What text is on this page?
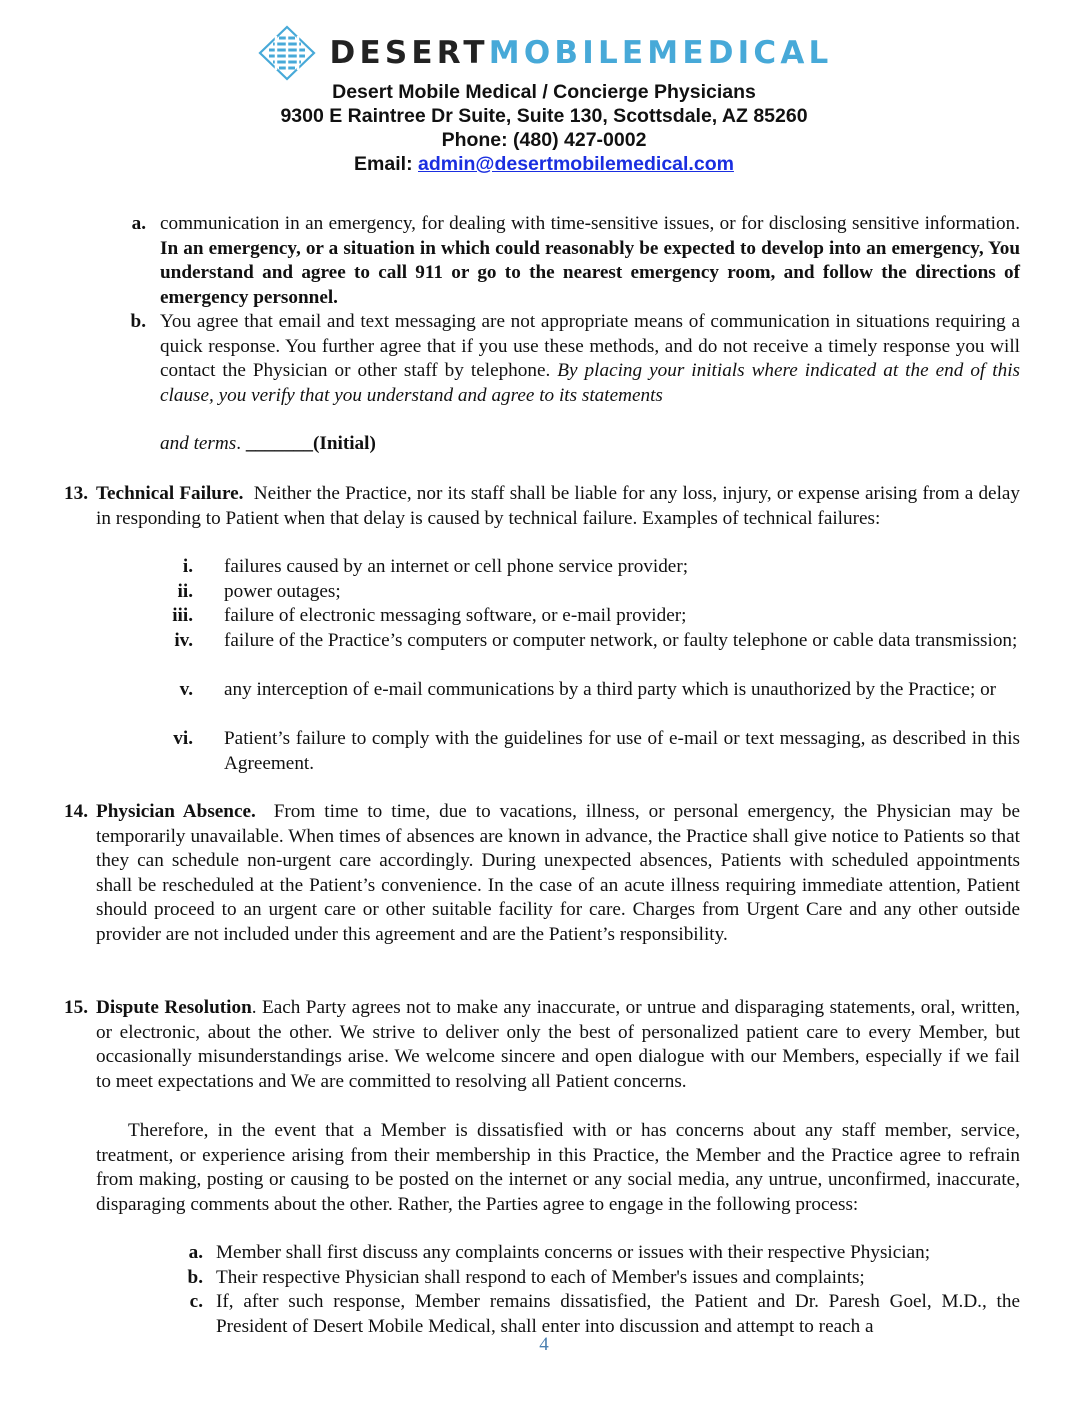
DESERTMOBILEMEDICAL
Desert Mobile Medical / Concierge Physicians
9300 E Raintree Dr Suite, Suite 130, Scottsdale, AZ 85260
Phone: (480) 427-0002
Email: admin@desertmobilemedical.com
a. communication in an emergency, for dealing with time-sensitive issues, or for disclosing sensitive information. In an emergency, or a situation in which could reasonably be expected to develop into an emergency, You understand and agree to call 911 or go to the nearest emergency room, and follow the directions of emergency personnel.
b. You agree that email and text messaging are not appropriate means of communication in situations requiring a quick response. You further agree that if you use these methods, and do not receive a timely response you will contact the Physician or other staff by telephone. By placing your initials where indicated at the end of this clause, you verify that you understand and agree to its statements
and terms. _______(Initial)
13. Technical Failure. Neither the Practice, nor its staff shall be liable for any loss, injury, or expense arising from a delay in responding to Patient when that delay is caused by technical failure. Examples of technical failures:
i. failures caused by an internet or cell phone service provider;
ii. power outages;
iii. failure of electronic messaging software, or e-mail provider;
iv. failure of the Practice’s computers or computer network, or faulty telephone or cable data transmission;
v. any interception of e-mail communications by a third party which is unauthorized by the Practice; or
vi. Patient’s failure to comply with the guidelines for use of e-mail or text messaging, as described in this Agreement.
14. Physician Absence. From time to time, due to vacations, illness, or personal emergency, the Physician may be temporarily unavailable. When times of absences are known in advance, the Practice shall give notice to Patients so that they can schedule non-urgent care accordingly. During unexpected absences, Patients with scheduled appointments shall be rescheduled at the Patient’s convenience. In the case of an acute illness requiring immediate attention, Patient should proceed to an urgent care or other suitable facility for care. Charges from Urgent Care and any other outside provider are not included under this agreement and are the Patient’s responsibility.
15. Dispute Resolution. Each Party agrees not to make any inaccurate, or untrue and disparaging statements, oral, written, or electronic, about the other. We strive to deliver only the best of personalized patient care to every Member, but occasionally misunderstandings arise. We welcome sincere and open dialogue with our Members, especially if we fail to meet expectations and We are committed to resolving all Patient concerns.
Therefore, in the event that a Member is dissatisfied with or has concerns about any staff member, service, treatment, or experience arising from their membership in this Practice, the Member and the Practice agree to refrain from making, posting or causing to be posted on the internet or any social media, any untrue, unconfirmed, inaccurate, disparaging comments about the other. Rather, the Parties agree to engage in the following process:
a. Member shall first discuss any complaints concerns or issues with their respective Physician;
b. Their respective Physician shall respond to each of Member's issues and complaints;
c. If, after such response, Member remains dissatisfied, the Patient and Dr. Paresh Goel, M.D., the President of Desert Mobile Medical, shall enter into discussion and attempt to reach a
4
